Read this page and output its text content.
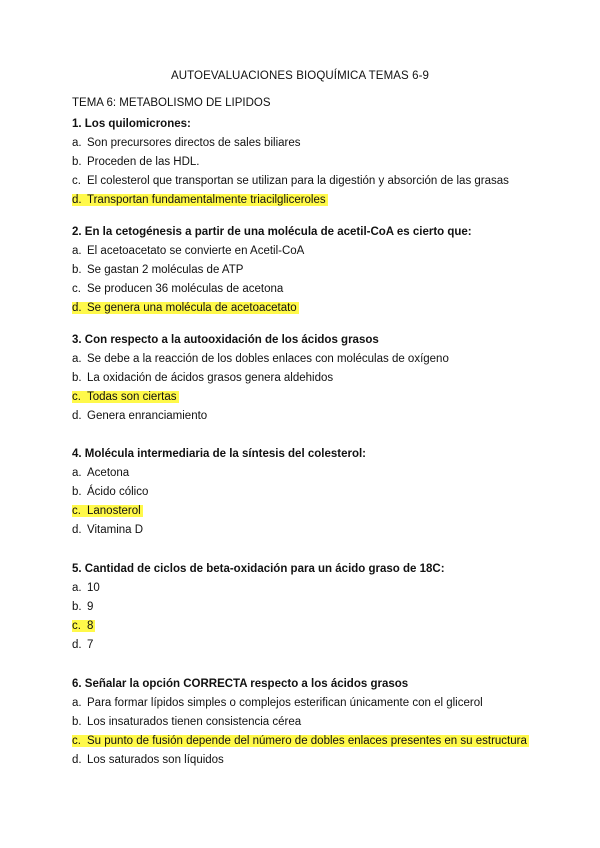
AUTOEVALUACIONES BIOQUÍMICA TEMAS 6-9
TEMA 6: METABOLISMO DE LIPIDOS
1. Los quilomicrones:
a. Son precursores directos de sales biliares
b. Proceden de las HDL.
c. El colesterol que transportan se utilizan para la digestión y absorción de las grasas
d. Transportan fundamentalmente triacilgliceroles
2. En la cetogénesis a partir de una molécula de acetil-CoA es cierto que:
a. El acetoacetato se convierte en Acetil-CoA
b. Se gastan 2 moléculas de ATP
c. Se producen 36 moléculas de acetona
d. Se genera una molécula de acetoacetato
3. Con respecto a la autooxidación de los ácidos grasos
a. Se debe a la reacción de los dobles enlaces con moléculas de oxígeno
b. La oxidación de ácidos grasos genera aldehidos
c. Todas son ciertas
d. Genera enranciamiento
4. Molécula intermediaria de la síntesis del colesterol:
a. Acetona
b. Ácido cólico
c. Lanosterol
d. Vitamina D
5. Cantidad de ciclos de beta-oxidación para un ácido graso de 18C:
a. 10
b. 9
c. 8
d. 7
6. Señalar la opción CORRECTA respecto a los ácidos grasos
a. Para formar lípidos simples o complejos esterifican únicamente con el glicerol
b. Los insaturados tienen consistencia cérea
c. Su punto de fusión depende del número de dobles enlaces presentes en su estructura
d. Los saturados son líquidos
